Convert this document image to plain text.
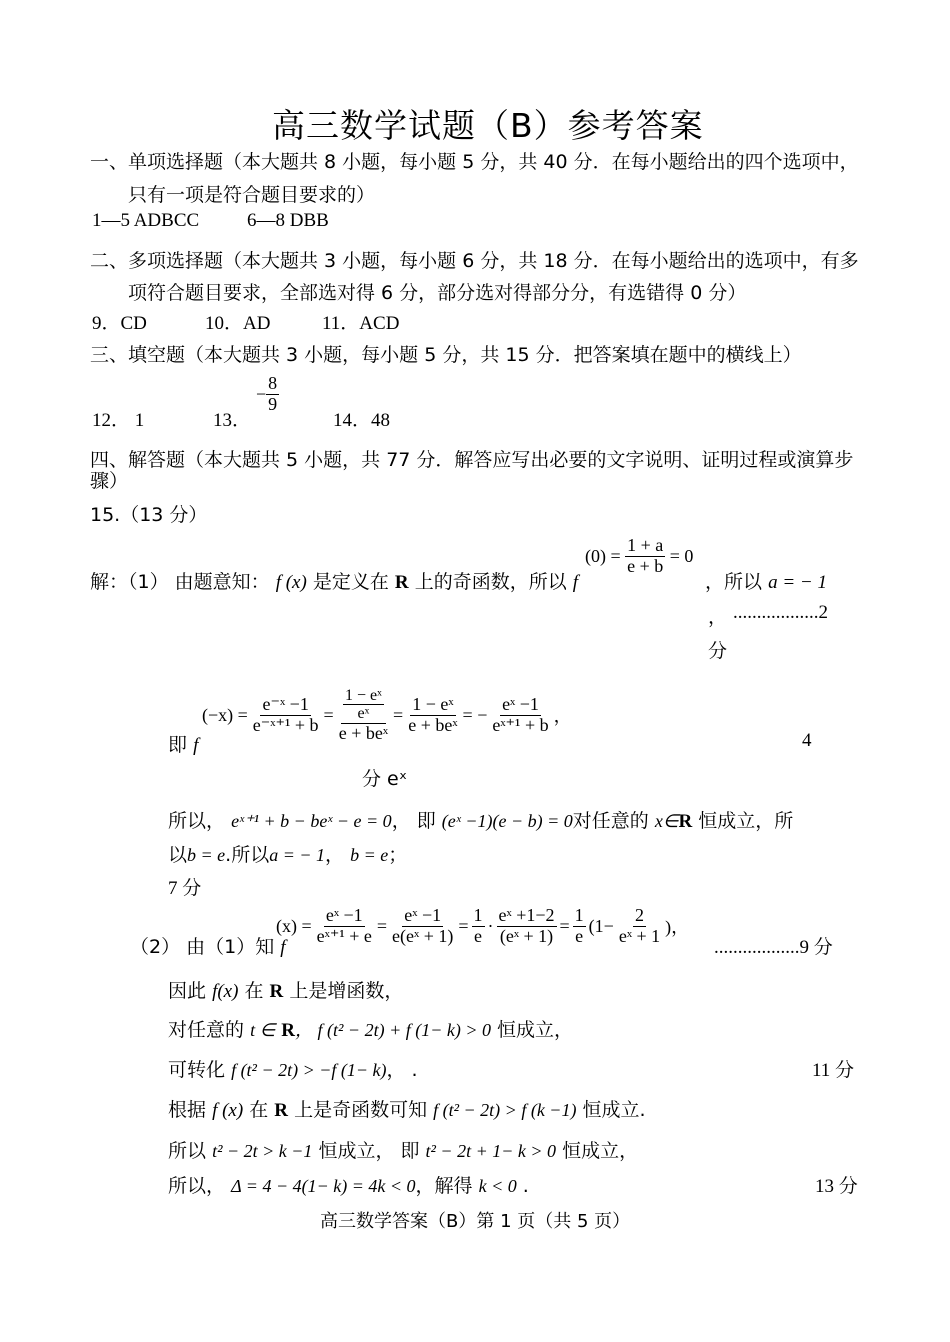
高三数学试题（B）参考答案
一、单项选择题（本大题共 8 小题，每小题 5 分，共 40 分．在每小题给出的四个选项中，
只有一项是符合题目要求的）
1—5 ADBCC	6—8 DBB
二、多项选择题（本大题共 3 小题，每小题 6 分，共 18 分．在每小题给出的选项中，有多
项符合题目要求，全部选对得 6 分，部分选对得部分分，有选错得 0 分）
9．CD	10．AD	11．ACD
三、填空题（本大题共 3 小题，每小题 5 分，共 15 分．把答案填在题中的横线上）
12． 1	13．
− $\frac{8}{9}$
14．48
四、解答题（本大题共 5 小题，共 77 分．解答应写出必要的文字说明、证明过程或演算步
骤）
15.（13 分）
解：（1） 由题意知： f (x) 是定义在 R 上的奇函数，所以 f
$(0) = \frac{1 + a}{e + b} = 0$
，所以 a = − 1
， ..................2
分
即 f
$(-x) = \frac{\text{e⁻ˣ −1}}{\text{e⁻ˣ⁺¹ + b}} = \frac{\frac{\text{1 − eˣ}}{\text{eˣ}}}{\text{e + beˣ}} = \frac{\text{1 − eˣ}}{\text{e + beˣ}}$ = − $\frac{\text{eˣ −1}}{\text{eˣ⁺¹ + b}}$ ，
4
分 eˣ
所以， eˣ⁺¹ + b − beˣ − e = 0， 即 (eˣ −1)(e − b) = 0对任意的 x∈R 恒成立，所
以b = e.所以a = − 1， b = e；
7 分
（2） 由（1）知 f
$(x) = \frac{\text{eˣ −1}}{\text{eˣ⁺¹ + e}} = \frac{\text{eˣ −1}}{\text{e(eˣ + 1)}} = \frac{1}{e} \cdot \frac{\text{eˣ +1−2}}{\text{(eˣ + 1)}} = \frac{1}{e} (1- \frac{2}{\text{eˣ + 1}}$ )，
..................9 分
因此 f(x) 在 R 上是增函数，
对任意的 t ∈ R， f (t² − 2t) + f (1− k) > 0 恒成立，
可转化 f (t² − 2t) > −f (1− k)， .	11 分
根据 f (x) 在 R 上是奇函数可知 f (t² − 2t) > f (k −1) 恒成立.
所以 t² − 2t > k −1 恒成立， 即 t² − 2t + 1− k > 0 恒成立，
所以， Δ = 4 − 4(1− k) = 4k < 0，解得 k < 0 .	13 分
高三数学答案（B）第 1 页（共 5 页）
